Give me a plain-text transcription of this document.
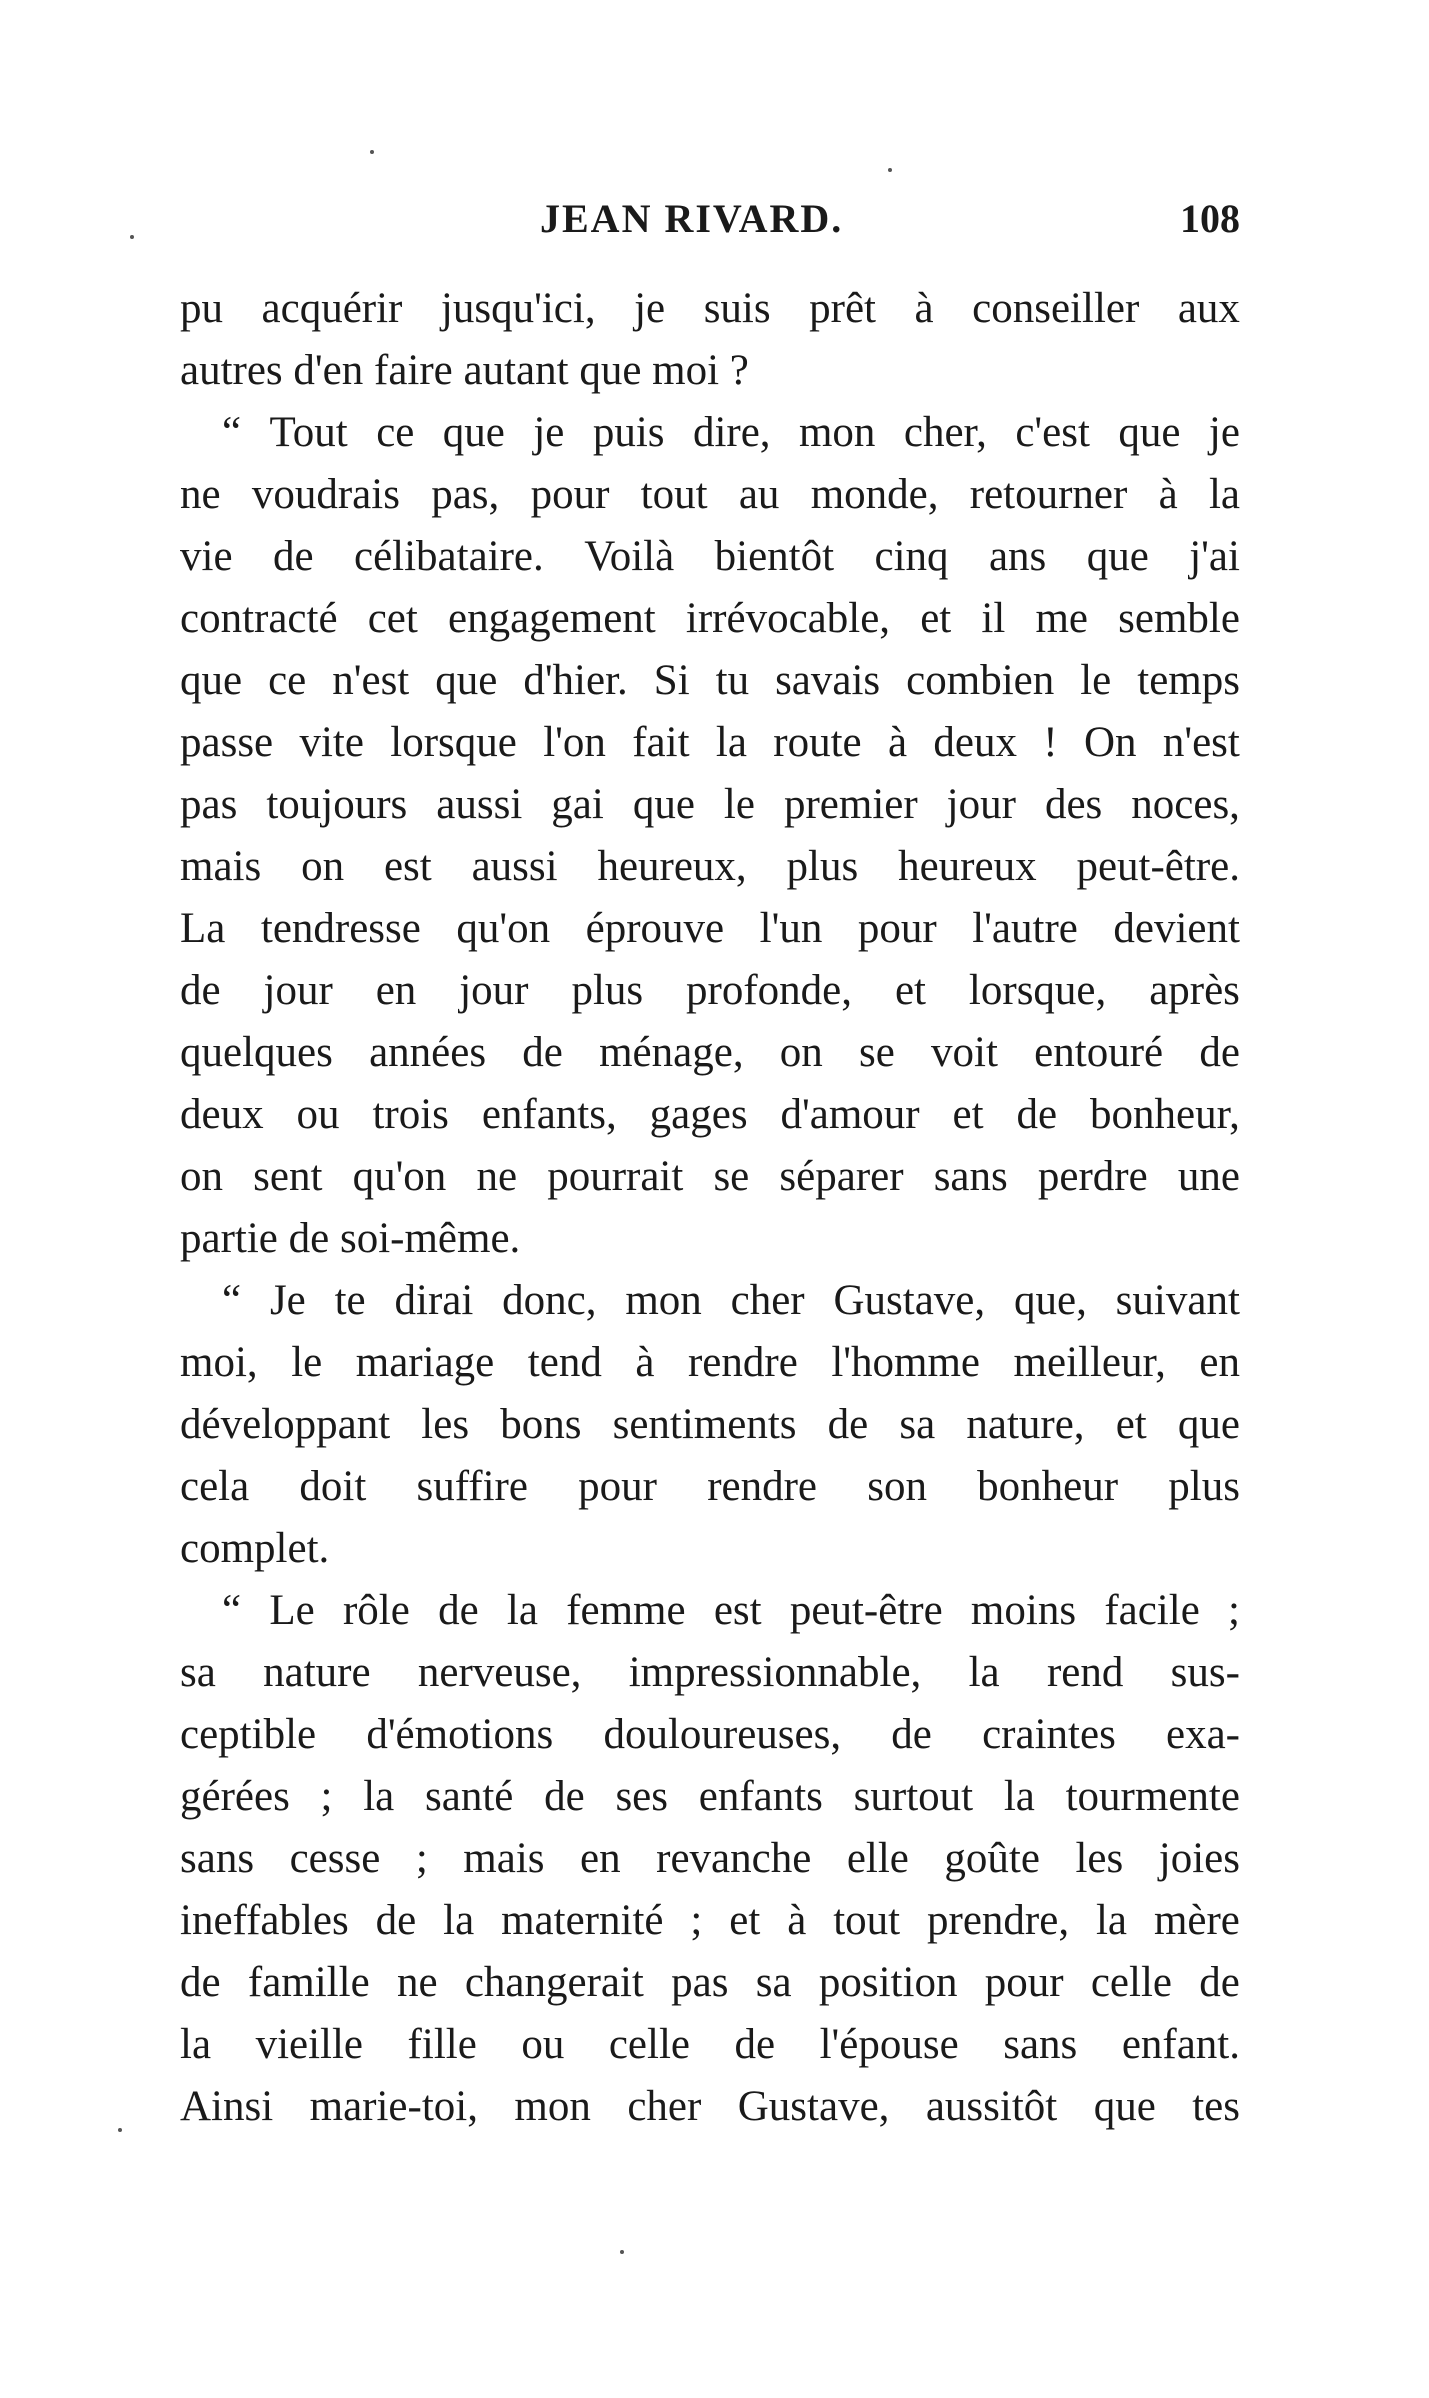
JEAN RIVARD.	108
pu acquérir jusqu'ici, je suis prêt à conseiller aux
autres d'en faire autant que moi ?
“ Tout ce que je puis dire, mon cher, c'est que je
ne voudrais pas, pour tout au monde, retourner à la
vie de célibataire. Voilà bientôt cinq ans que j'ai
contracté cet engagement irrévocable, et il me semble
que ce n'est que d'hier. Si tu savais combien le temps
passe vite lorsque l'on fait la route à deux ! On n'est
pas toujours aussi gai que le premier jour des noces,
mais on est aussi heureux, plus heureux peut-être.
La tendresse qu'on éprouve l'un pour l'autre devient
de jour en jour plus profonde, et lorsque, après
quelques années de ménage, on se voit entouré de
deux ou trois enfants, gages d'amour et de bonheur,
on sent qu'on ne pourrait se séparer sans perdre une
partie de soi-même.
“ Je te dirai donc, mon cher Gustave, que, suivant
moi, le mariage tend à rendre l'homme meilleur, en
développant les bons sentiments de sa nature, et que
cela doit suffire pour rendre son bonheur plus
complet.
“ Le rôle de la femme est peut-être moins facile ;
sa nature nerveuse, impressionnable, la rend sus-
ceptible d'émotions douloureuses, de craintes exa-
gérées ; la santé de ses enfants surtout la tourmente
sans cesse ; mais en revanche elle goûte les joies
ineffables de la maternité ; et à tout prendre, la mère
de famille ne changerait pas sa position pour celle de
la vieille fille ou celle de l'épouse sans enfant.
Ainsi marie-toi, mon cher Gustave, aussitôt que tes
